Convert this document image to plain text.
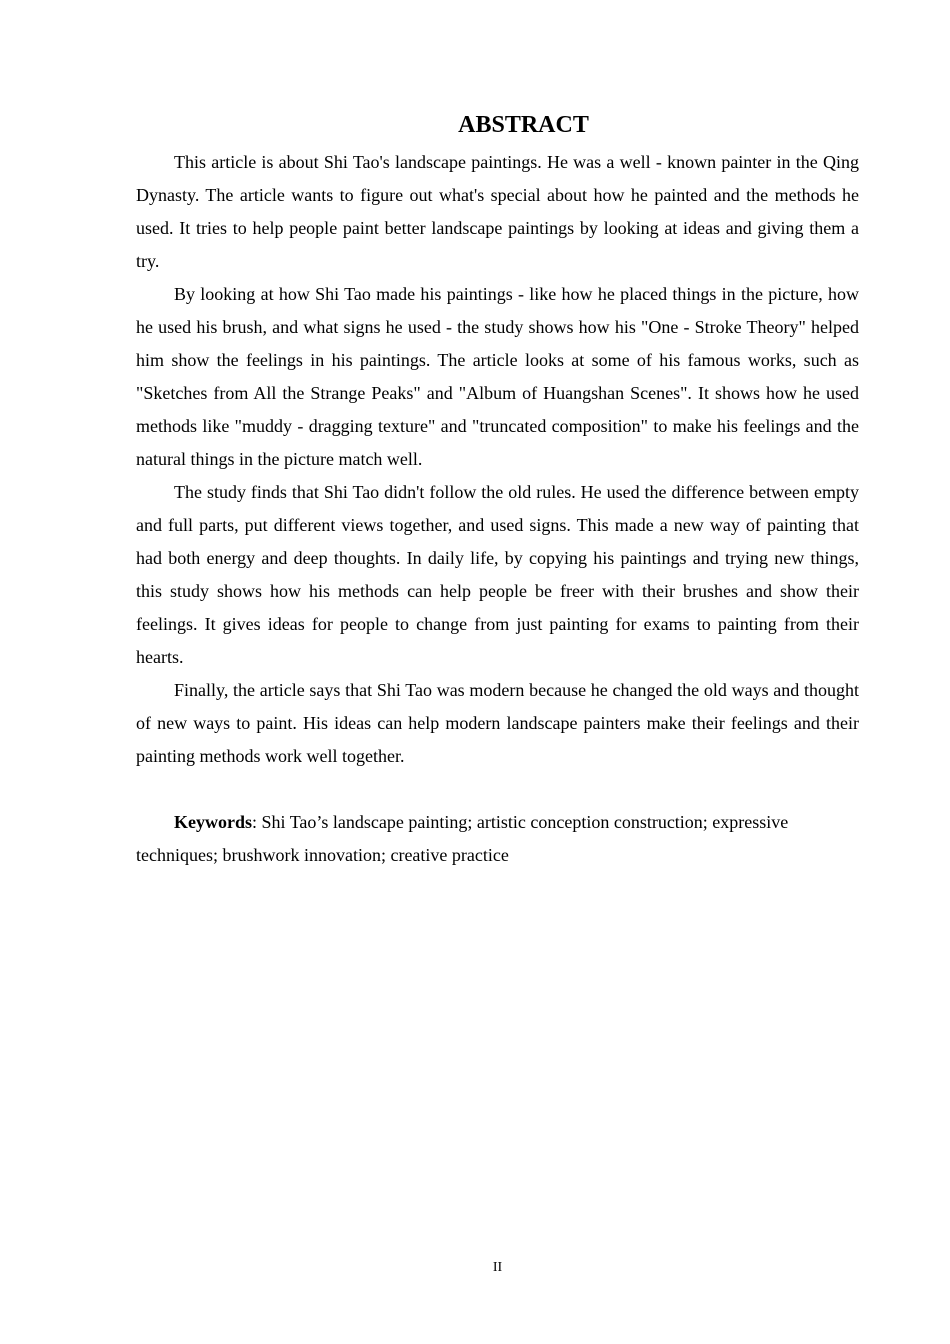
ABSTRACT

This article is about Shi Tao's landscape paintings. He was a well - known painter in the Qing Dynasty. The article wants to figure out what's special about how he painted and the methods he used. It tries to help people paint better landscape paintings by looking at ideas and giving them a try.

By looking at how Shi Tao made his paintings - like how he placed things in the picture, how he used his brush, and what signs he used - the study shows how his "One - Stroke Theory" helped him show the feelings in his paintings. The article looks at some of his famous works, such as "Sketches from All the Strange Peaks" and "Album of Huangshan Scenes". It shows how he used methods like "muddy - dragging texture" and "truncated composition" to make his feelings and the natural things in the picture match well.

The study finds that Shi Tao didn't follow the old rules. He used the difference between empty and full parts, put different views together, and used signs. This made a new way of painting that had both energy and deep thoughts. In daily life, by copying his paintings and trying new things, this study shows how his methods can help people be freer with their brushes and show their feelings. It gives ideas for people to change from just painting for exams to painting from their hearts.

Finally, the article says that Shi Tao was modern because he changed the old ways and thought of new ways to paint. His ideas can help modern landscape painters make their feelings and their painting methods work well together.

Keywords: Shi Tao’s landscape painting; artistic conception construction; expressive techniques; brushwork innovation; creative practice

II
